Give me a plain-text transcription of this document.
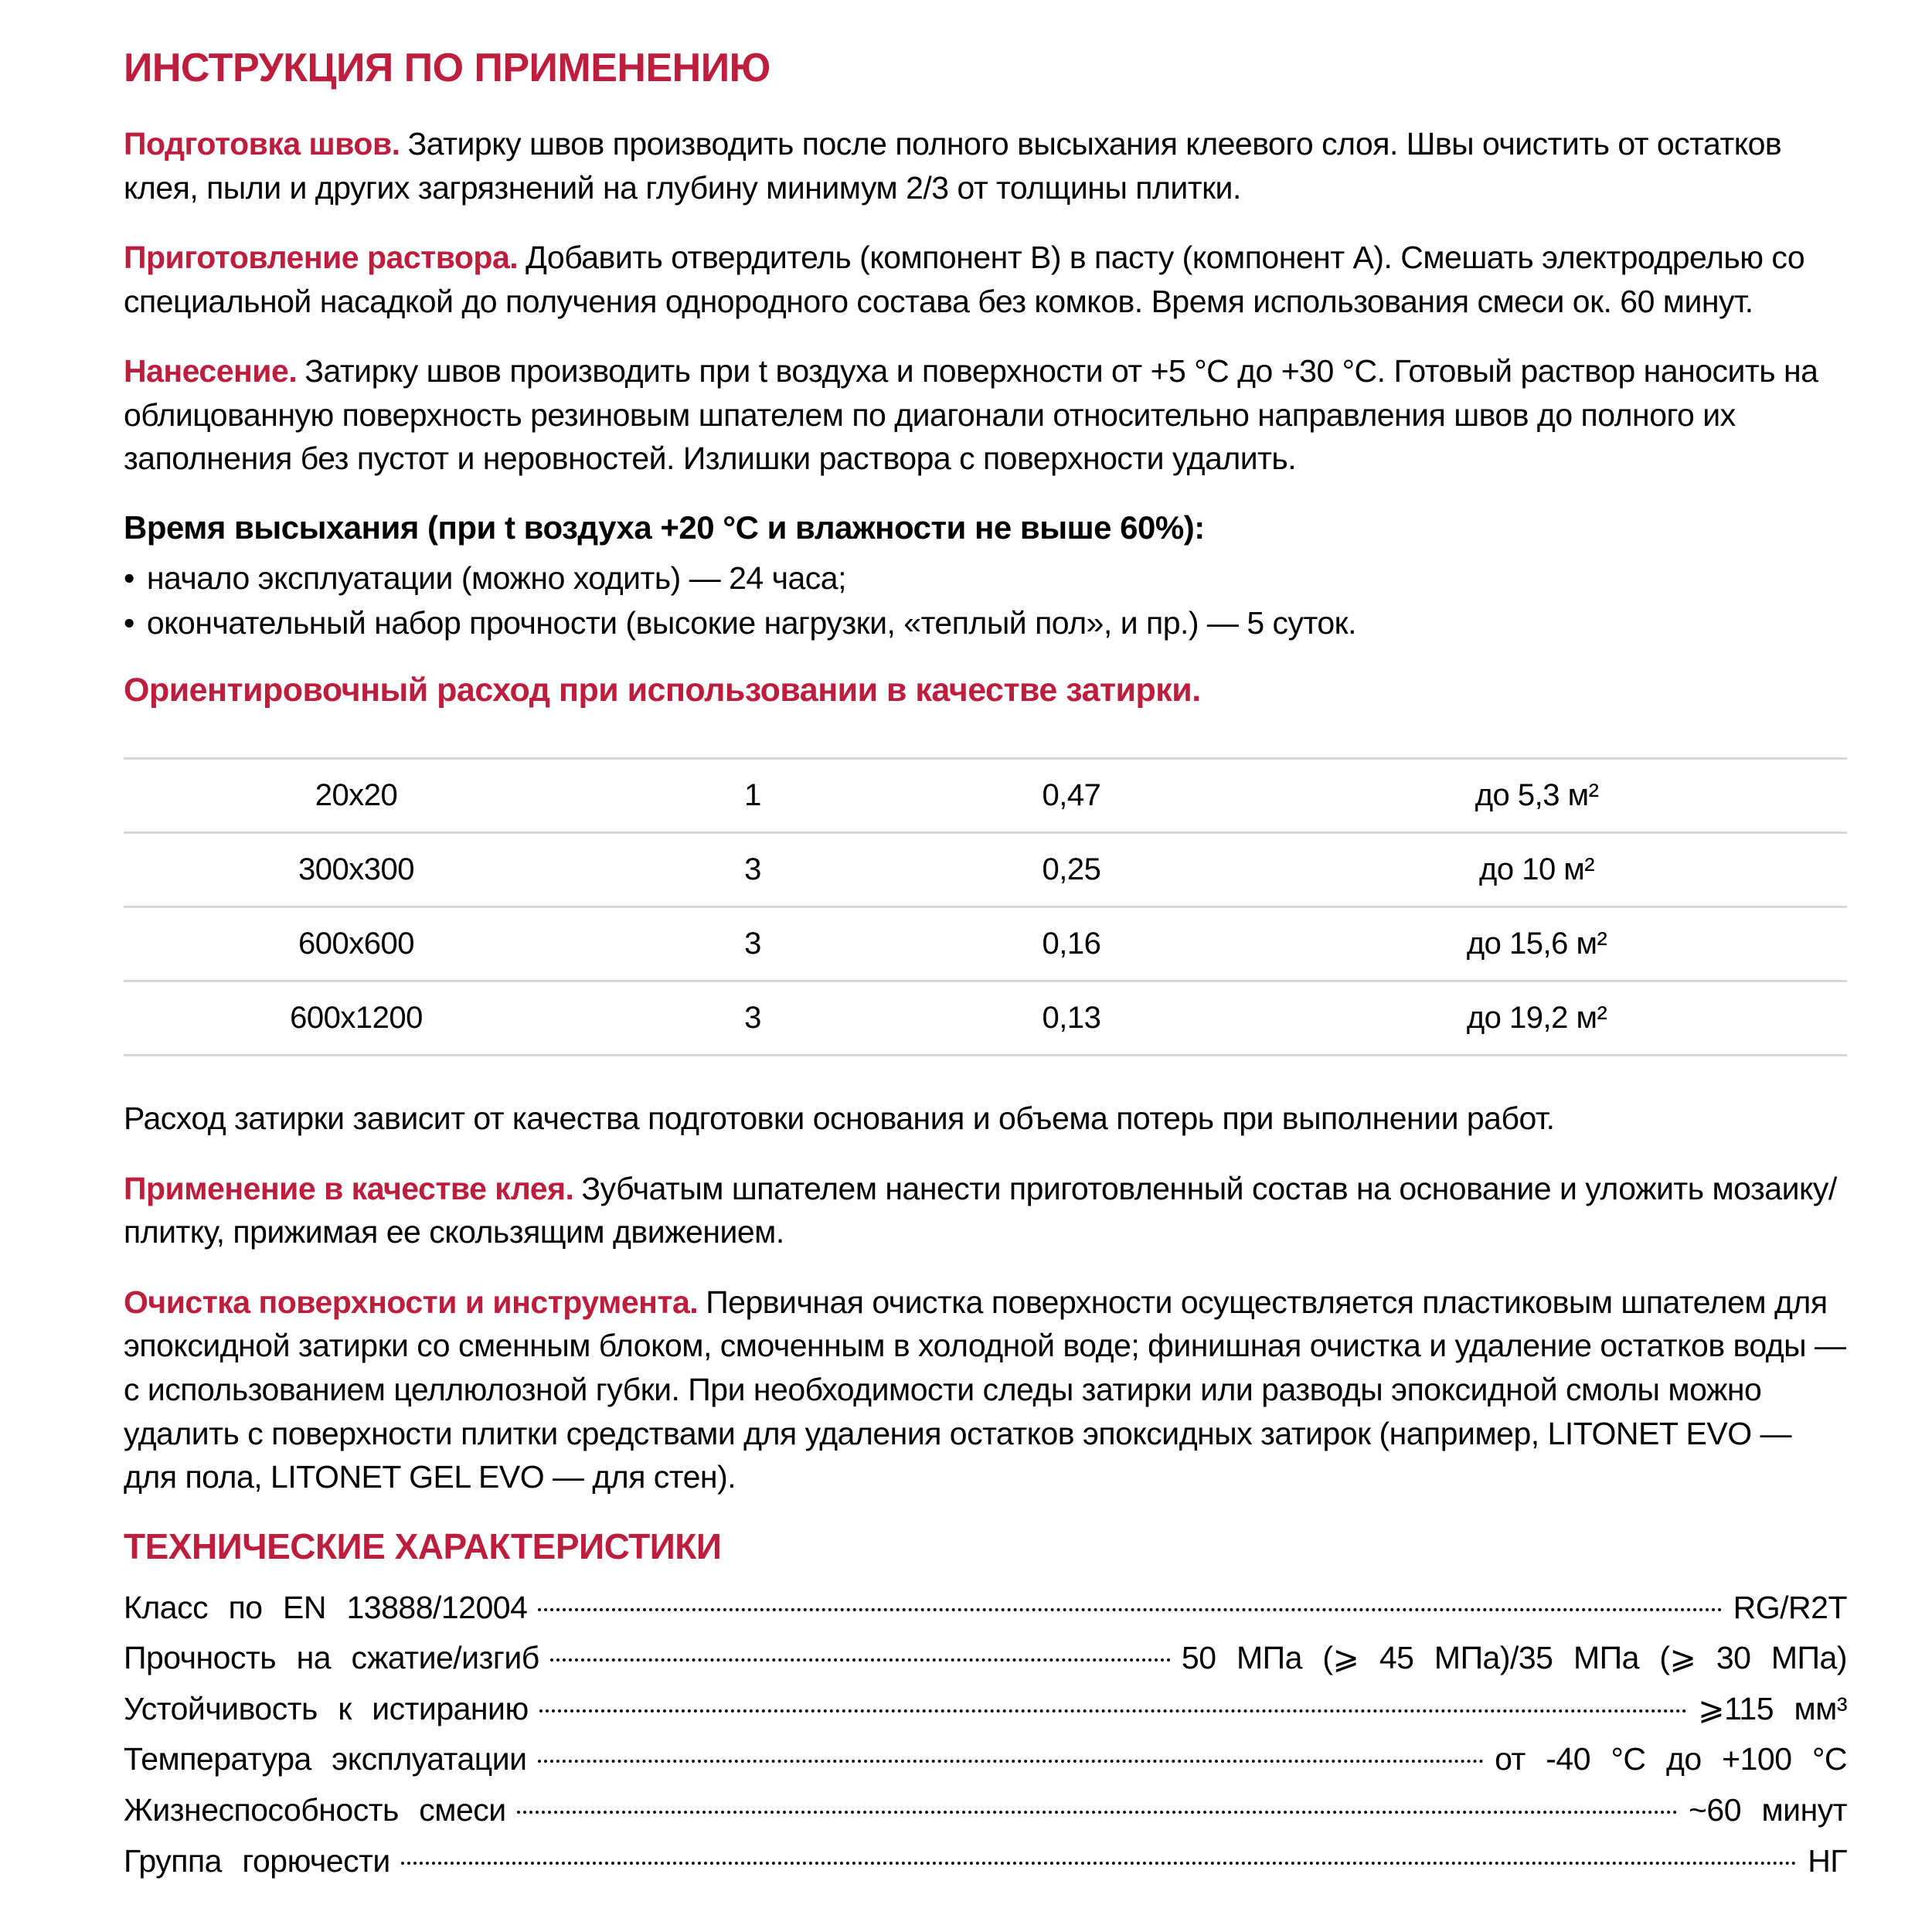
ИНСТРУКЦИЯ ПО ПРИМЕНЕНИЮ

Подготовка швов. Затирку швов производить после полного высыхания клеевого слоя. Швы очистить от остатков клея, пыли и других загрязнений на глубину минимум 2/3 от толщины плитки.

Приготовление раствора. Добавить отвердитель (компонент В) в пасту (компонент А). Смешать электродрелью со специальной насадкой до получения однородного состава без комков. Время использования смеси ок. 60 минут.

Нанесение. Затирку швов производить при t воздуха и поверхности от +5 °C до +30 °C. Готовый раствор наносить на облицованную поверхность резиновым шпателем по диагонали относительно направления швов до полного их заполнения без пустот и неровностей. Излишки раствора с поверхности удалить.

Время высыхания (при t воздуха +20 °C и влажности не выше 60%):
• начало эксплуатации (можно ходить) — 24 часа;
• окончательный набор прочности (высокие нагрузки, «теплый пол», и пр.) — 5 суток.
Ориентировочный расход при использовании в качестве затирки.
20x20	1	0,47	до 5,3 м²
300x300	3	0,25	до 10 м²
600x600	3	0,16	до 15,6 м²
600x1200	3	0,13	до 19,2 м²

Расход затирки зависит от качества подготовки основания и объема потерь при выполнении работ.

Применение в качестве клея. Зубчатым шпателем нанести приготовленный состав на основание и уложить мозаику/плитку, прижимая ее скользящим движением.

Очистка поверхности и инструмента. Первичная очистка поверхности осуществляется пластиковым шпателем для эпоксидной затирки со сменным блоком, смоченным в холодной воде; финишная очистка и удаление остатков воды — с использованием целлюлозной губки. При необходимости следы затирки или разводы эпоксидной смолы можно удалить с поверхности плитки средствами для удаления остатков эпоксидных затирок (например, LITONET EVO — для пола, LITONET GEL EVO — для стен).

ТЕХНИЧЕСКИЕ ХАРАКТЕРИСТИКИ
Класс по EN 13888/12004	RG/R2T
Прочность на сжатие/изгиб	50 МПа (⩾ 45 МПа)/35 МПа (⩾ 30 МПа)
Устойчивость к истиранию	⩾115 мм³
Температура эксплуатации	от -40 °C до +100 °C
Жизнеспособность смеси	~60 минут
Группа горючести	НГ
